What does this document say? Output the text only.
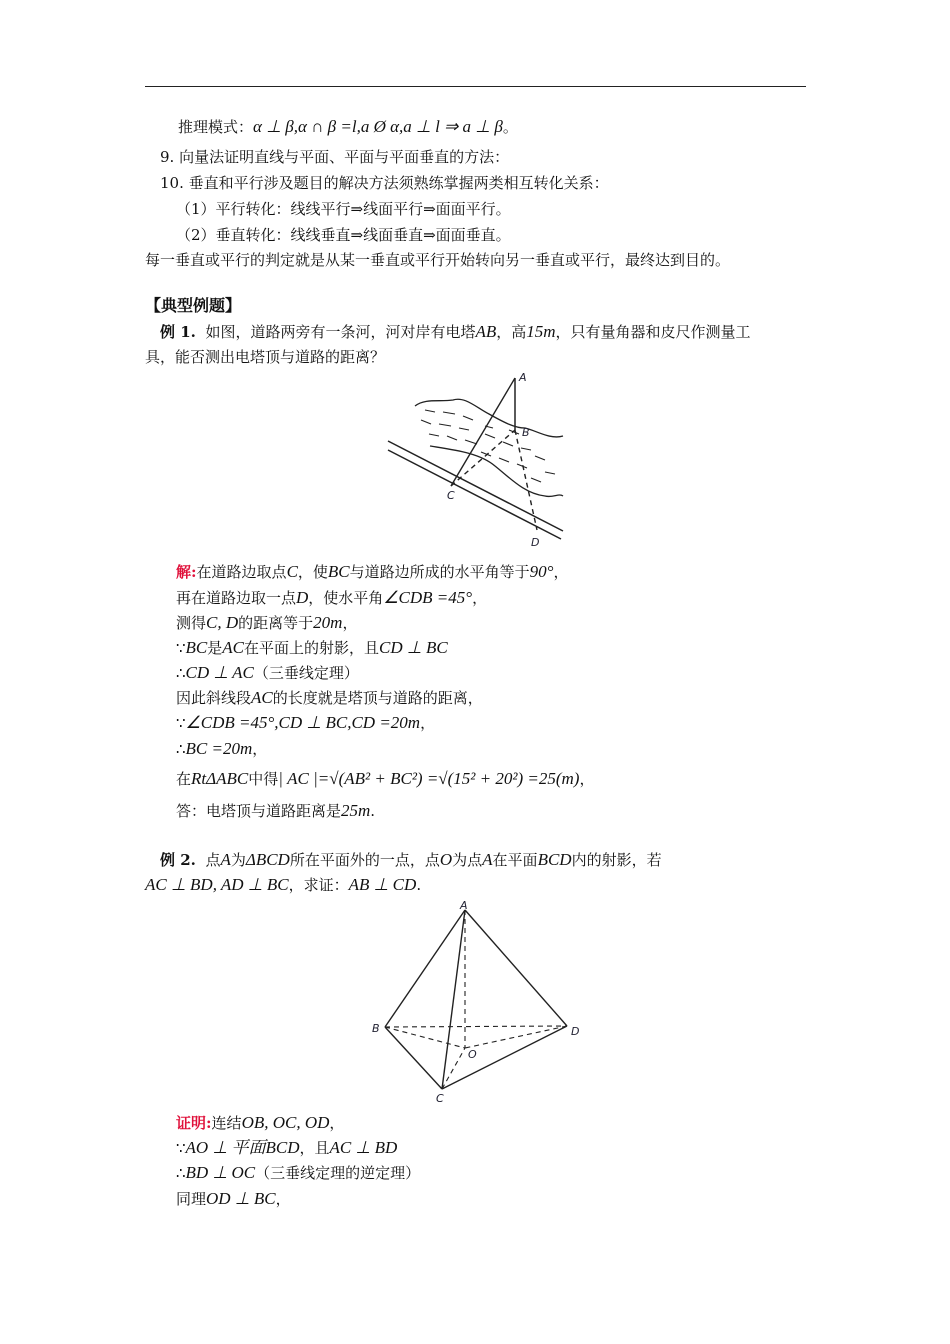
推理模式：α ⊥ β,α ∩ β =l,a Ø α,a ⊥ l ⇒ a ⊥ β。
9. 向量法证明直线与平面、平面与平面垂直的方法：
10. 垂直和平行涉及题目的解决方法须熟练掌握两类相互转化关系：
（1）平行转化：线线平行⇒线面平行⇒面面平行。
（2）垂直转化：线线垂直⇒线面垂直⇒面面垂直。
每一垂直或平行的判定就是从某一垂直或平行开始转向另一垂直或平行，最终达到目的。
【典型例题】
例 1. 如图，道路两旁有一条河，河对岸有电塔AB，高15m，只有量角器和皮尺作测量工
具，能否测出电塔顶与道路的距离？
A
B
C
D
解:在道路边取点C，使BC与道路边所成的水平角等于90°，
再在道路边取一点D，使水平角∠CDB =45°，
测得C, D的距离等于20m，
∵BC是AC在平面上的射影，且CD ⊥ BC
∴CD ⊥ AC（三垂线定理）
因此斜线段AC的长度就是塔顶与道路的距离，
∵∠CDB =45°,CD ⊥ BC,CD =20m，
∴BC =20m，
在RtΔABC中得| AC |=√(AB² + BC²) =√(15² + 20²) =25(m)，
答：电塔顶与道路距离是25m.
例 2. 点A为ΔBCD所在平面外的一点，点O为点A在平面BCD内的射影，若
AC ⊥ BD, AD ⊥ BC，求证：AB ⊥ CD.
A
B
C
D
O
证明:连结OB, OC, OD，
∵AO ⊥ 平面BCD，且AC ⊥ BD
∴BD ⊥ OC（三垂线定理的逆定理）
同理OD ⊥ BC，
